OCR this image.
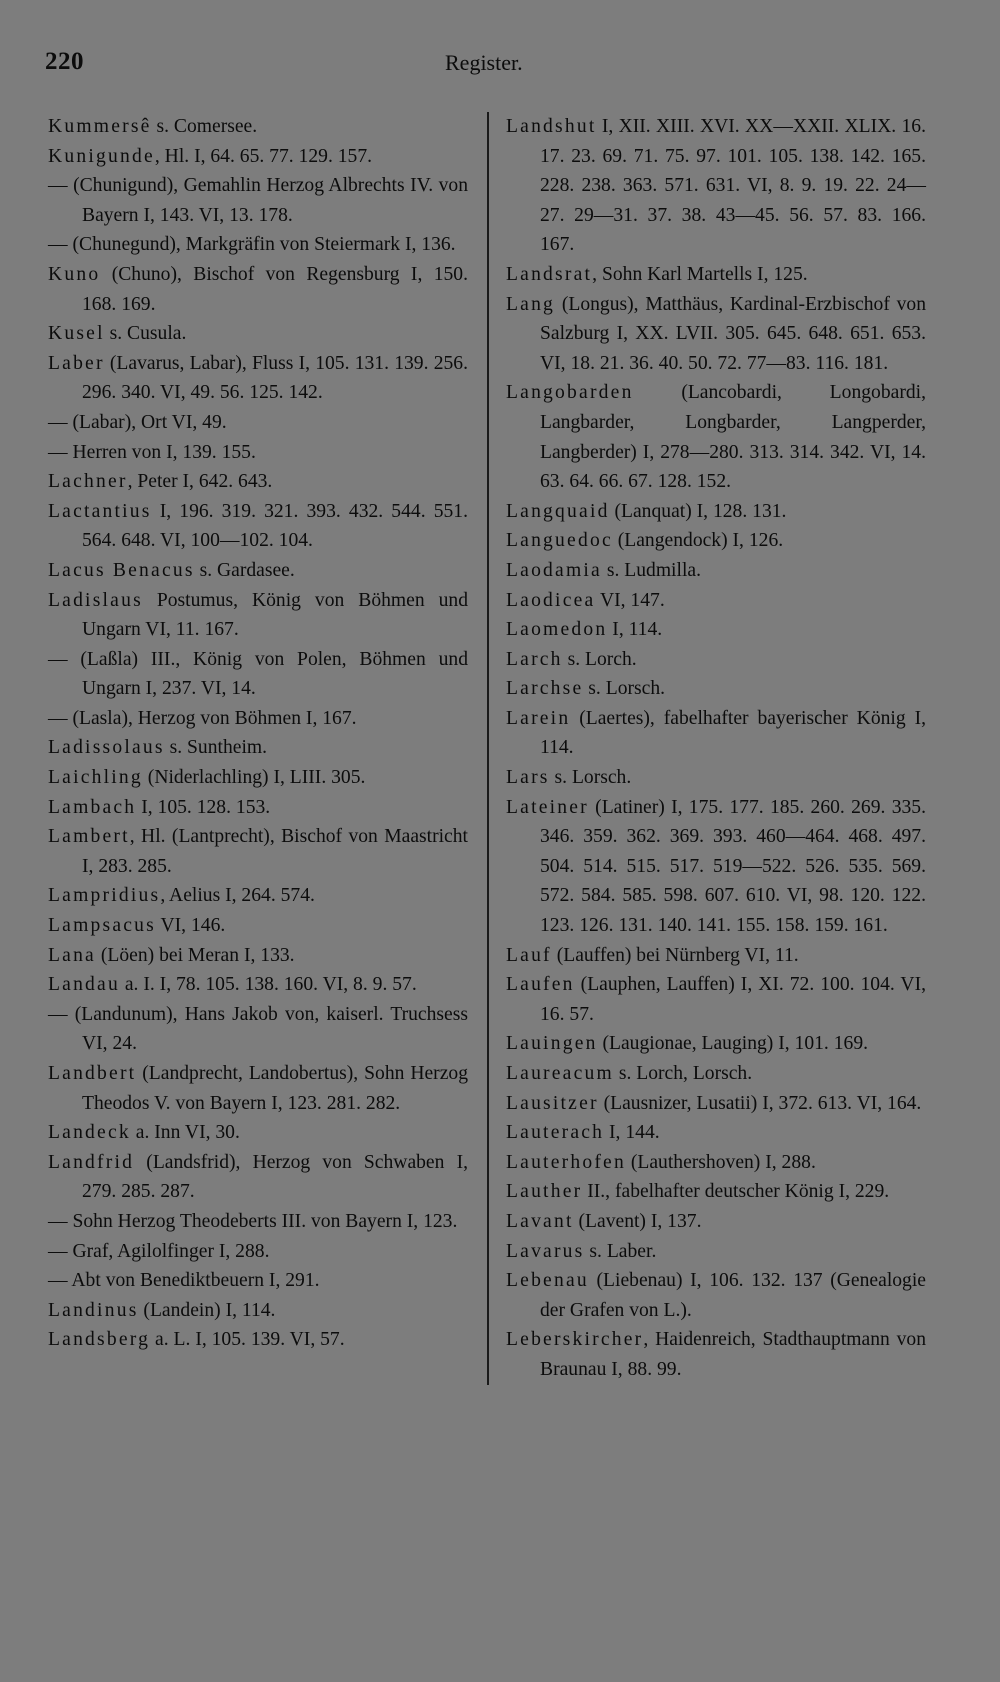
220	Register.

Kummersê s. Comersee.

Kunigunde, Hl. I, 64. 65. 77. 129. 157.

— (Chunigund), Gemahlin Herzog Albrechts IV. von Bayern I, 143. VI, 13. 178.

— (Chunegund), Markgräfin von Steiermark I, 136.

Kuno (Chuno), Bischof von Regensburg I, 150. 168. 169.

Kusel s. Cusula.

Laber (Lavarus, Labar), Fluss I, 105. 131. 139. 256. 296. 340. VI, 49. 56. 125. 142.

— (Labar), Ort VI, 49.

— Herren von I, 139. 155.

Lachner, Peter I, 642. 643.

Lactantius I, 196. 319. 321. 393. 432. 544. 551. 564. 648. VI, 100—102. 104.

Lacus Benacus s. Gardasee.

Ladislaus Postumus, König von Böhmen und Ungarn VI, 11. 167.

— (Laßla) III., König von Polen, Böhmen und Ungarn I, 237. VI, 14.

— (Lasla), Herzog von Böhmen I, 167.

Ladissolaus s. Suntheim.

Laichling (Niderlachling) I, LIII. 305.

Lambach I, 105. 128. 153.

Lambert, Hl. (Lantprecht), Bischof von Maastricht I, 283. 285.

Lampridius, Aelius I, 264. 574.

Lampsacus VI, 146.

Lana (Löen) bei Meran I, 133.

Landau a. I. I, 78. 105. 138. 160. VI, 8. 9. 57.

— (Landunum), Hans Jakob von, kaiserl. Truchsess VI, 24.

Landbert (Landprecht, Landobertus), Sohn Herzog Theodos V. von Bayern I, 123. 281. 282.

Landeck a. Inn VI, 30.

Landfrid (Landsfrid), Herzog von Schwaben I, 279. 285. 287.

— Sohn Herzog Theodeberts III. von Bayern I, 123.

— Graf, Agilolfinger I, 288.

— Abt von Benediktbeuern I, 291.

Landinus (Landein) I, 114.

Landsberg a. L. I, 105. 139. VI, 57.

Landshut I, XII. XIII. XVI. XX—XXII. XLIX. 16. 17. 23. 69. 71. 75. 97. 101. 105. 138. 142. 165. 228. 238. 363. 571. 631. VI, 8. 9. 19. 22. 24—27. 29—31. 37. 38. 43—45. 56. 57. 83. 166. 167.

Landsrat, Sohn Karl Martells I, 125.

Lang (Longus), Matthäus, Kardinal-Erzbischof von Salzburg I, XX. LVII. 305. 645. 648. 651. 653. VI, 18. 21. 36. 40. 50. 72. 77—83. 116. 181.

Langobarden (Lancobardi, Longobardi, Langbarder, Longbarder, Langperder, Langberder) I, 278—280. 313. 314. 342. VI, 14. 63. 64. 66. 67. 128. 152.

Langquaid (Lanquat) I, 128. 131.

Languedoc (Langendock) I, 126.

Laodamia s. Ludmilla.

Laodicea VI, 147.

Laomedon I, 114.

Larch s. Lorch.

Larchse s. Lorsch.

Larein (Laertes), fabelhafter bayerischer König I, 114.

Lars s. Lorsch.

Lateiner (Latiner) I, 175. 177. 185. 260. 269. 335. 346. 359. 362. 369. 393. 460—464. 468. 497. 504. 514. 515. 517. 519—522. 526. 535. 569. 572. 584. 585. 598. 607. 610. VI, 98. 120. 122. 123. 126. 131. 140. 141. 155. 158. 159. 161.

Lauf (Lauffen) bei Nürnberg VI, 11.

Laufen (Lauphen, Lauffen) I, XI. 72. 100. 104. VI, 16. 57.

Lauingen (Laugionae, Lauging) I, 101. 169.

Laureacum s. Lorch, Lorsch.

Lausitzer (Lausnizer, Lusatii) I, 372. 613. VI, 164.

Lauterach I, 144.

Lauterhofen (Lauthershoven) I, 288.

Lauther II., fabelhafter deutscher König I, 229.

Lavant (Lavent) I, 137.

Lavarus s. Laber.

Lebenau (Liebenau) I, 106. 132. 137 (Genealogie der Grafen von L.).

Leberskircher, Haidenreich, Stadthauptmann von Braunau I, 88. 99.
